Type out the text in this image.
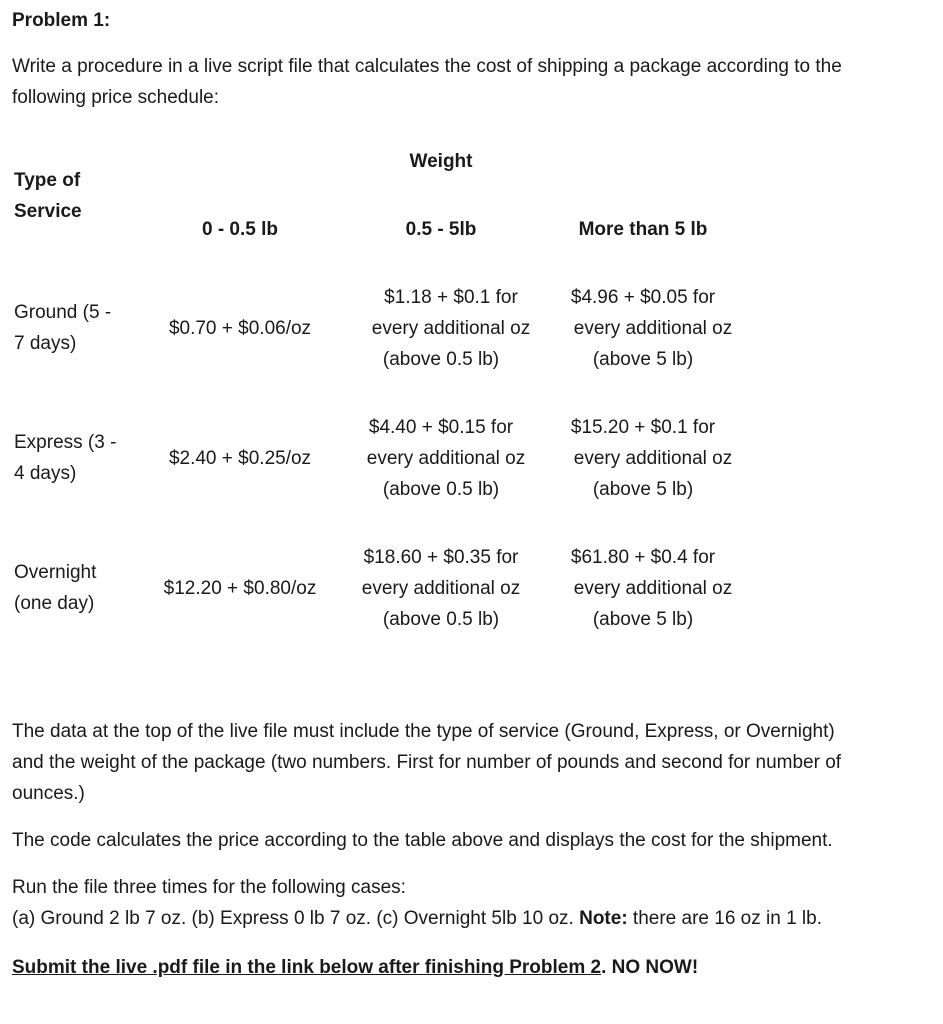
Problem 1:
Write a procedure in a live script file that calculates the cost of shipping a package according to the
following price schedule:
Weight
Type of
Service
0 - 0.5 lb	0.5 - 5lb	More than 5 lb
Ground (5 -
7 days)
$0.70 + $0.06/oz
$1.18 + $0.1 for
every additional oz
(above 0.5 lb)
$4.96 + $0.05 for
every additional oz
(above 5 lb)
Express (3 -
4 days)
$2.40 + $0.25/oz
$4.40 + $0.15 for
every additional oz
(above 0.5 lb)
$15.20 + $0.1 for
every additional oz
(above 5 lb)
Overnight
(one day)
$12.20 + $0.80/oz
$18.60 + $0.35 for
every additional oz
(above 0.5 lb)
$61.80 + $0.4 for
every additional oz
(above 5 lb)
The data at the top of the live file must include the type of service (Ground, Express, or Overnight)
and the weight of the package (two numbers. First for number of pounds and second for number of
ounces.)
The code calculates the price according to the table above and displays the cost for the shipment.
Run the file three times for the following cases:
(a) Ground 2 lb 7 oz. (b) Express 0 lb 7 oz. (c) Overnight 5lb 10 oz. Note: there are 16 oz in 1 lb.
Submit the live .pdf file in the link below after finishing Problem 2. NO NOW!
